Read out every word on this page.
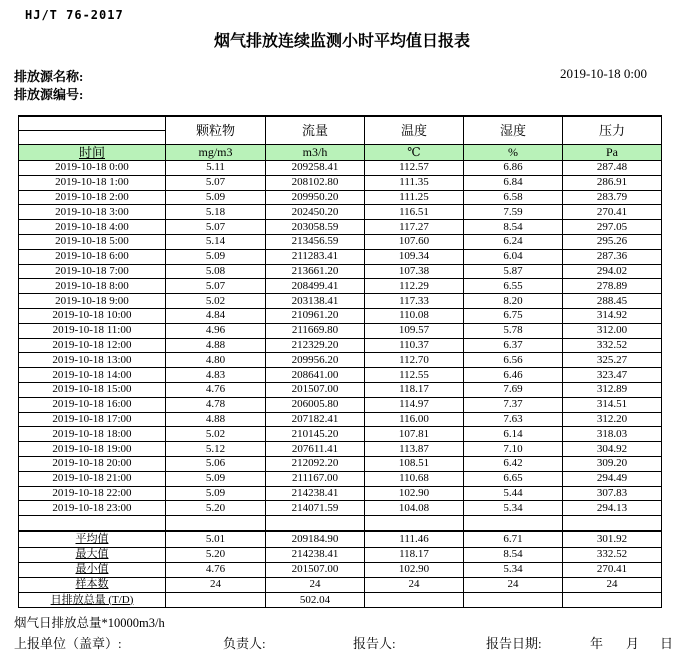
HJ/T 76-2017
烟气排放连续监测小时平均值日报表
排放源名称:	2019-10-18 0:00
排放源编号:
	颗粒物	流量	温度	湿度	压力

时间	mg/m3	m3/h	℃	%	Pa
2019-10-18 0:00	5.11	209258.41	112.57	6.86	287.48
2019-10-18 1:00	5.07	208102.80	111.35	6.84	286.91
2019-10-18 2:00	5.09	209950.20	111.25	6.58	283.79
2019-10-18 3:00	5.18	202450.20	116.51	7.59	270.41
2019-10-18 4:00	5.07	203058.59	117.27	8.54	297.05
2019-10-18 5:00	5.14	213456.59	107.60	6.24	295.26
2019-10-18 6:00	5.09	211283.41	109.34	6.04	287.36
2019-10-18 7:00	5.08	213661.20	107.38	5.87	294.02
2019-10-18 8:00	5.07	208499.41	112.29	6.55	278.89
2019-10-18 9:00	5.02	203138.41	117.33	8.20	288.45
2019-10-18 10:00	4.84	210961.20	110.08	6.75	314.92
2019-10-18 11:00	4.96	211669.80	109.57	5.78	312.00
2019-10-18 12:00	4.88	212329.20	110.37	6.37	332.52
2019-10-18 13:00	4.80	209956.20	112.70	6.56	325.27
2019-10-18 14:00	4.83	208641.00	112.55	6.46	323.47
2019-10-18 15:00	4.76	201507.00	118.17	7.69	312.89
2019-10-18 16:00	4.78	206005.80	114.97	7.37	314.51
2019-10-18 17:00	4.88	207182.41	116.00	7.63	312.20
2019-10-18 18:00	5.02	210145.20	107.81	6.14	318.03
2019-10-18 19:00	5.12	207611.41	113.87	7.10	304.92
2019-10-18 20:00	5.06	212092.20	108.51	6.42	309.20
2019-10-18 21:00	5.09	211167.00	110.68	6.65	294.49
2019-10-18 22:00	5.09	214238.41	102.90	5.44	307.83
2019-10-18 23:00	5.20	214071.59	104.08	5.34	294.13

平均值	5.01	209184.90	111.46	6.71	301.92
最大值	5.20	214238.41	118.17	8.54	332.52
最小值	4.76	201507.00	102.90	5.34	270.41
样本数	24	24	24	24	24
日排放总量 (T/D)		502.04			
烟气日排放总量*10000m3/h
上报单位（盖章）:	负责人:	报告人:	报告日期:	年 月 日
